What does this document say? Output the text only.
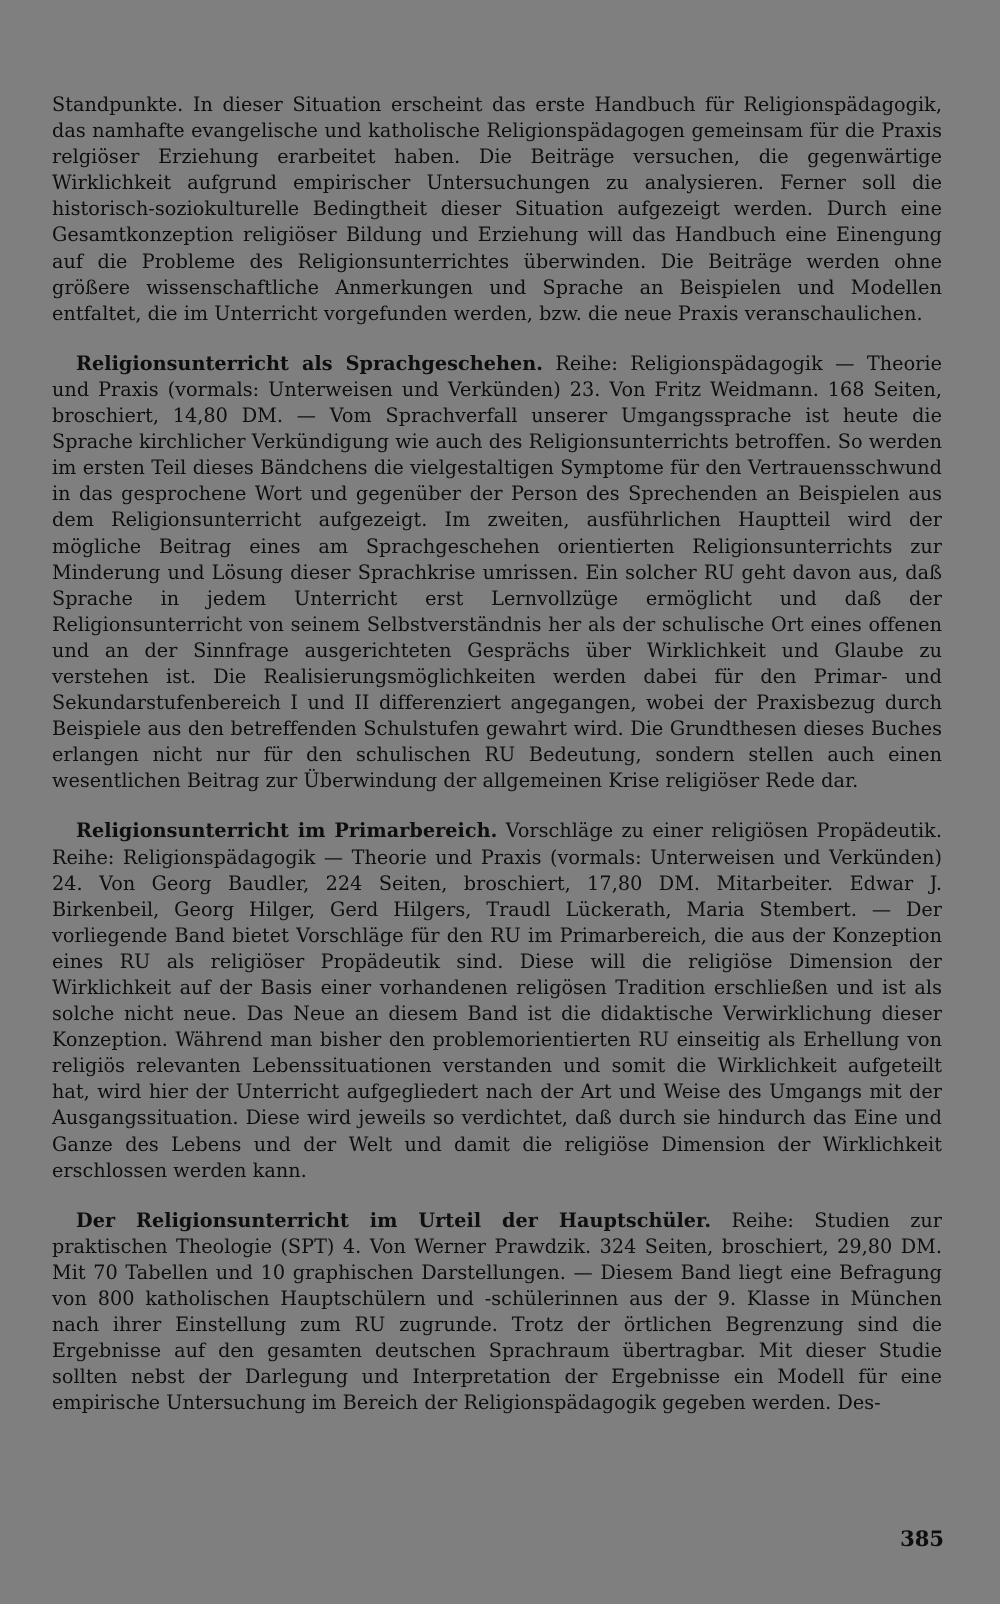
Standpunkte. In dieser Situation erscheint das erste Handbuch für Religionspädagogik, das namhafte evangelische und katholische Religionspädagogen gemeinsam für die Praxis relgiöser Erziehung erarbeitet haben. Die Beiträge versuchen, die gegenwärtige Wirklichkeit aufgrund empirischer Untersuchungen zu analysieren. Ferner soll die historisch-soziokulturelle Bedingtheit dieser Situation aufgezeigt werden. Durch eine Gesamtkonzeption religiöser Bildung und Erziehung will das Handbuch eine Einengung auf die Probleme des Religionsunterrichtes überwinden. Die Beiträge werden ohne größere wissenschaftliche Anmerkungen und Sprache an Beispielen und Modellen entfaltet, die im Unterricht vorgefunden werden, bzw. die neue Praxis veranschaulichen.

Religionsunterricht als Sprachgeschehen. Reihe: Religionspädagogik — Theorie und Praxis (vormals: Unterweisen und Verkünden) 23. Von Fritz Weidmann. 168 Seiten, broschiert, 14,80 DM. — Vom Sprachverfall unserer Umgangssprache ist heute die Sprache kirchlicher Verkündigung wie auch des Religionsunterrichts betroffen. So werden im ersten Teil dieses Bändchens die vielgestaltigen Symptome für den Vertrauensschwund in das gesprochene Wort und gegenüber der Person des Sprechenden an Beispielen aus dem Religionsunterricht aufgezeigt. Im zweiten, ausführlichen Hauptteil wird der mögliche Beitrag eines am Sprachgeschehen orientierten Religionsunterrichts zur Minderung und Lösung dieser Sprachkrise umrissen. Ein solcher RU geht davon aus, daß Sprache in jedem Unterricht erst Lernvollzüge ermöglicht und daß der Religionsunterricht von seinem Selbstverständnis her als der schulische Ort eines offenen und an der Sinnfrage ausgerichteten Gesprächs über Wirklichkeit und Glaube zu verstehen ist. Die Realisierungsmöglichkeiten werden dabei für den Primar- und Sekundarstufenbereich I und II differenziert angegangen, wobei der Praxisbezug durch Beispiele aus den betreffenden Schulstufen gewahrt wird. Die Grundthesen dieses Buches erlangen nicht nur für den schulischen RU Bedeutung, sondern stellen auch einen wesentlichen Beitrag zur Überwindung der allgemeinen Krise religiöser Rede dar.

Religionsunterricht im Primarbereich. Vorschläge zu einer religiösen Propädeutik. Reihe: Religionspädagogik — Theorie und Praxis (vormals: Unterweisen und Verkünden) 24. Von Georg Baudler, 224 Seiten, broschiert, 17,80 DM. Mitarbeiter. Edwar J. Birkenbeil, Georg Hilger, Gerd Hilgers, Traudl Lückerath, Maria Stembert. — Der vorliegende Band bietet Vorschläge für den RU im Primarbereich, die aus der Konzeption eines RU als religiöser Propädeutik sind. Diese will die religiöse Dimension der Wirklichkeit auf der Basis einer vorhandenen religösen Tradition erschließen und ist als solche nicht neue. Das Neue an diesem Band ist die didaktische Verwirklichung dieser Konzeption. Während man bisher den problemorientierten RU einseitig als Erhellung von religiös relevanten Lebenssituationen verstanden und somit die Wirklichkeit aufgeteilt hat, wird hier der Unterricht aufgegliedert nach der Art und Weise des Umgangs mit der Ausgangssituation. Diese wird jeweils so verdichtet, daß durch sie hindurch das Eine und Ganze des Lebens und der Welt und damit die religiöse Dimension der Wirklichkeit erschlossen werden kann.

Der Religionsunterricht im Urteil der Hauptschüler. Reihe: Studien zur praktischen Theologie (SPT) 4. Von Werner Prawdzik. 324 Seiten, broschiert, 29,80 DM. Mit 70 Tabellen und 10 graphischen Darstellungen. — Diesem Band liegt eine Befragung von 800 katholischen Hauptschülern und -schülerinnen aus der 9. Klasse in München nach ihrer Einstellung zum RU zugrunde. Trotz der örtlichen Begrenzung sind die Ergebnisse auf den gesamten deutschen Sprachraum übertragbar. Mit dieser Studie sollten nebst der Darlegung und Interpretation der Ergebnisse ein Modell für eine empirische Untersuchung im Bereich der Religionspädagogik gegeben werden. Des-

385
